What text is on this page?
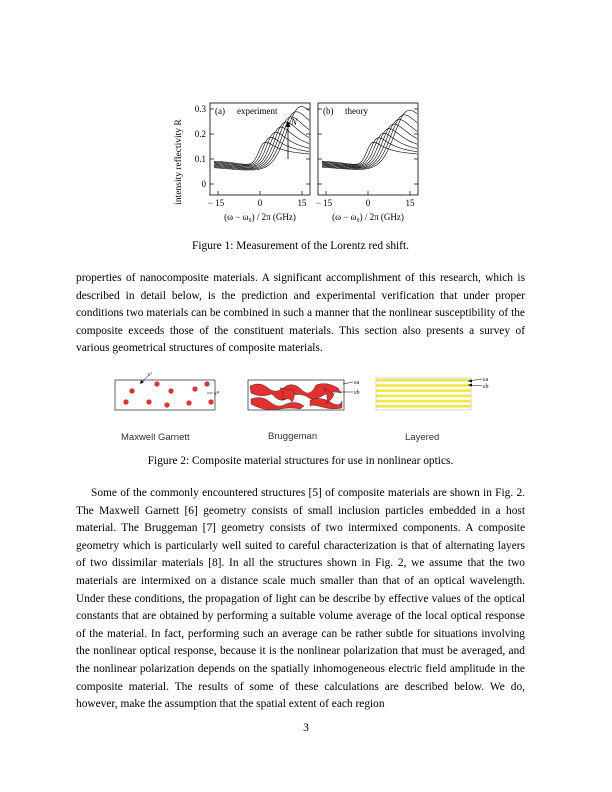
intensity reflectivity R
0.3
0.2
0.1
0
(a) experiment	(b) theory
N
− 15	0	15 − 15	0	15
(ω − ω₀) / 2π (GHz)	(ω − ω₀) / 2π (GHz)
Figure 1: Measurement of the Lorentz red shift.
properties of nanocomposite materials. A significant accomplishment of this research, which is described in detail below, is the prediction and experimental verification that under proper conditions two materials can be combined in such a manner that the nonlinear susceptibility of the composite exceeds those of the constituent materials. This section also presents a survey of various geometrical structures of composite materials.
εᴵ
εᴴ
εa
εb
εa
εb
Maxwell Garnett	Bruggeman	Layered
Figure 2: Composite material structures for use in nonlinear optics.
Some of the commonly encountered structures [5] of composite materials are shown in Fig. 2. The Maxwell Garnett [6] geometry consists of small inclusion particles embedded in a host material. The Bruggeman [7] geometry consists of two intermixed components. A composite geometry which is particularly well suited to careful characterization is that of alternating layers of two dissimilar materials [8]. In all the structures shown in Fig. 2, we assume that the two materials are intermixed on a distance scale much smaller than that of an optical wavelength. Under these conditions, the propagation of light can be describe by effective values of the optical constants that are obtained by performing a suitable volume average of the local optical response of the material. In fact, performing such an average can be rather subtle for situations involving the nonlinear optical response, because it is the nonlinear polarization that must be averaged, and the nonlinear polarization depends on the spatially inhomogeneous electric field amplitude in the composite material. The results of some of these calculations are described below. We do, however, make the assumption that the spatial extent of each region
3
